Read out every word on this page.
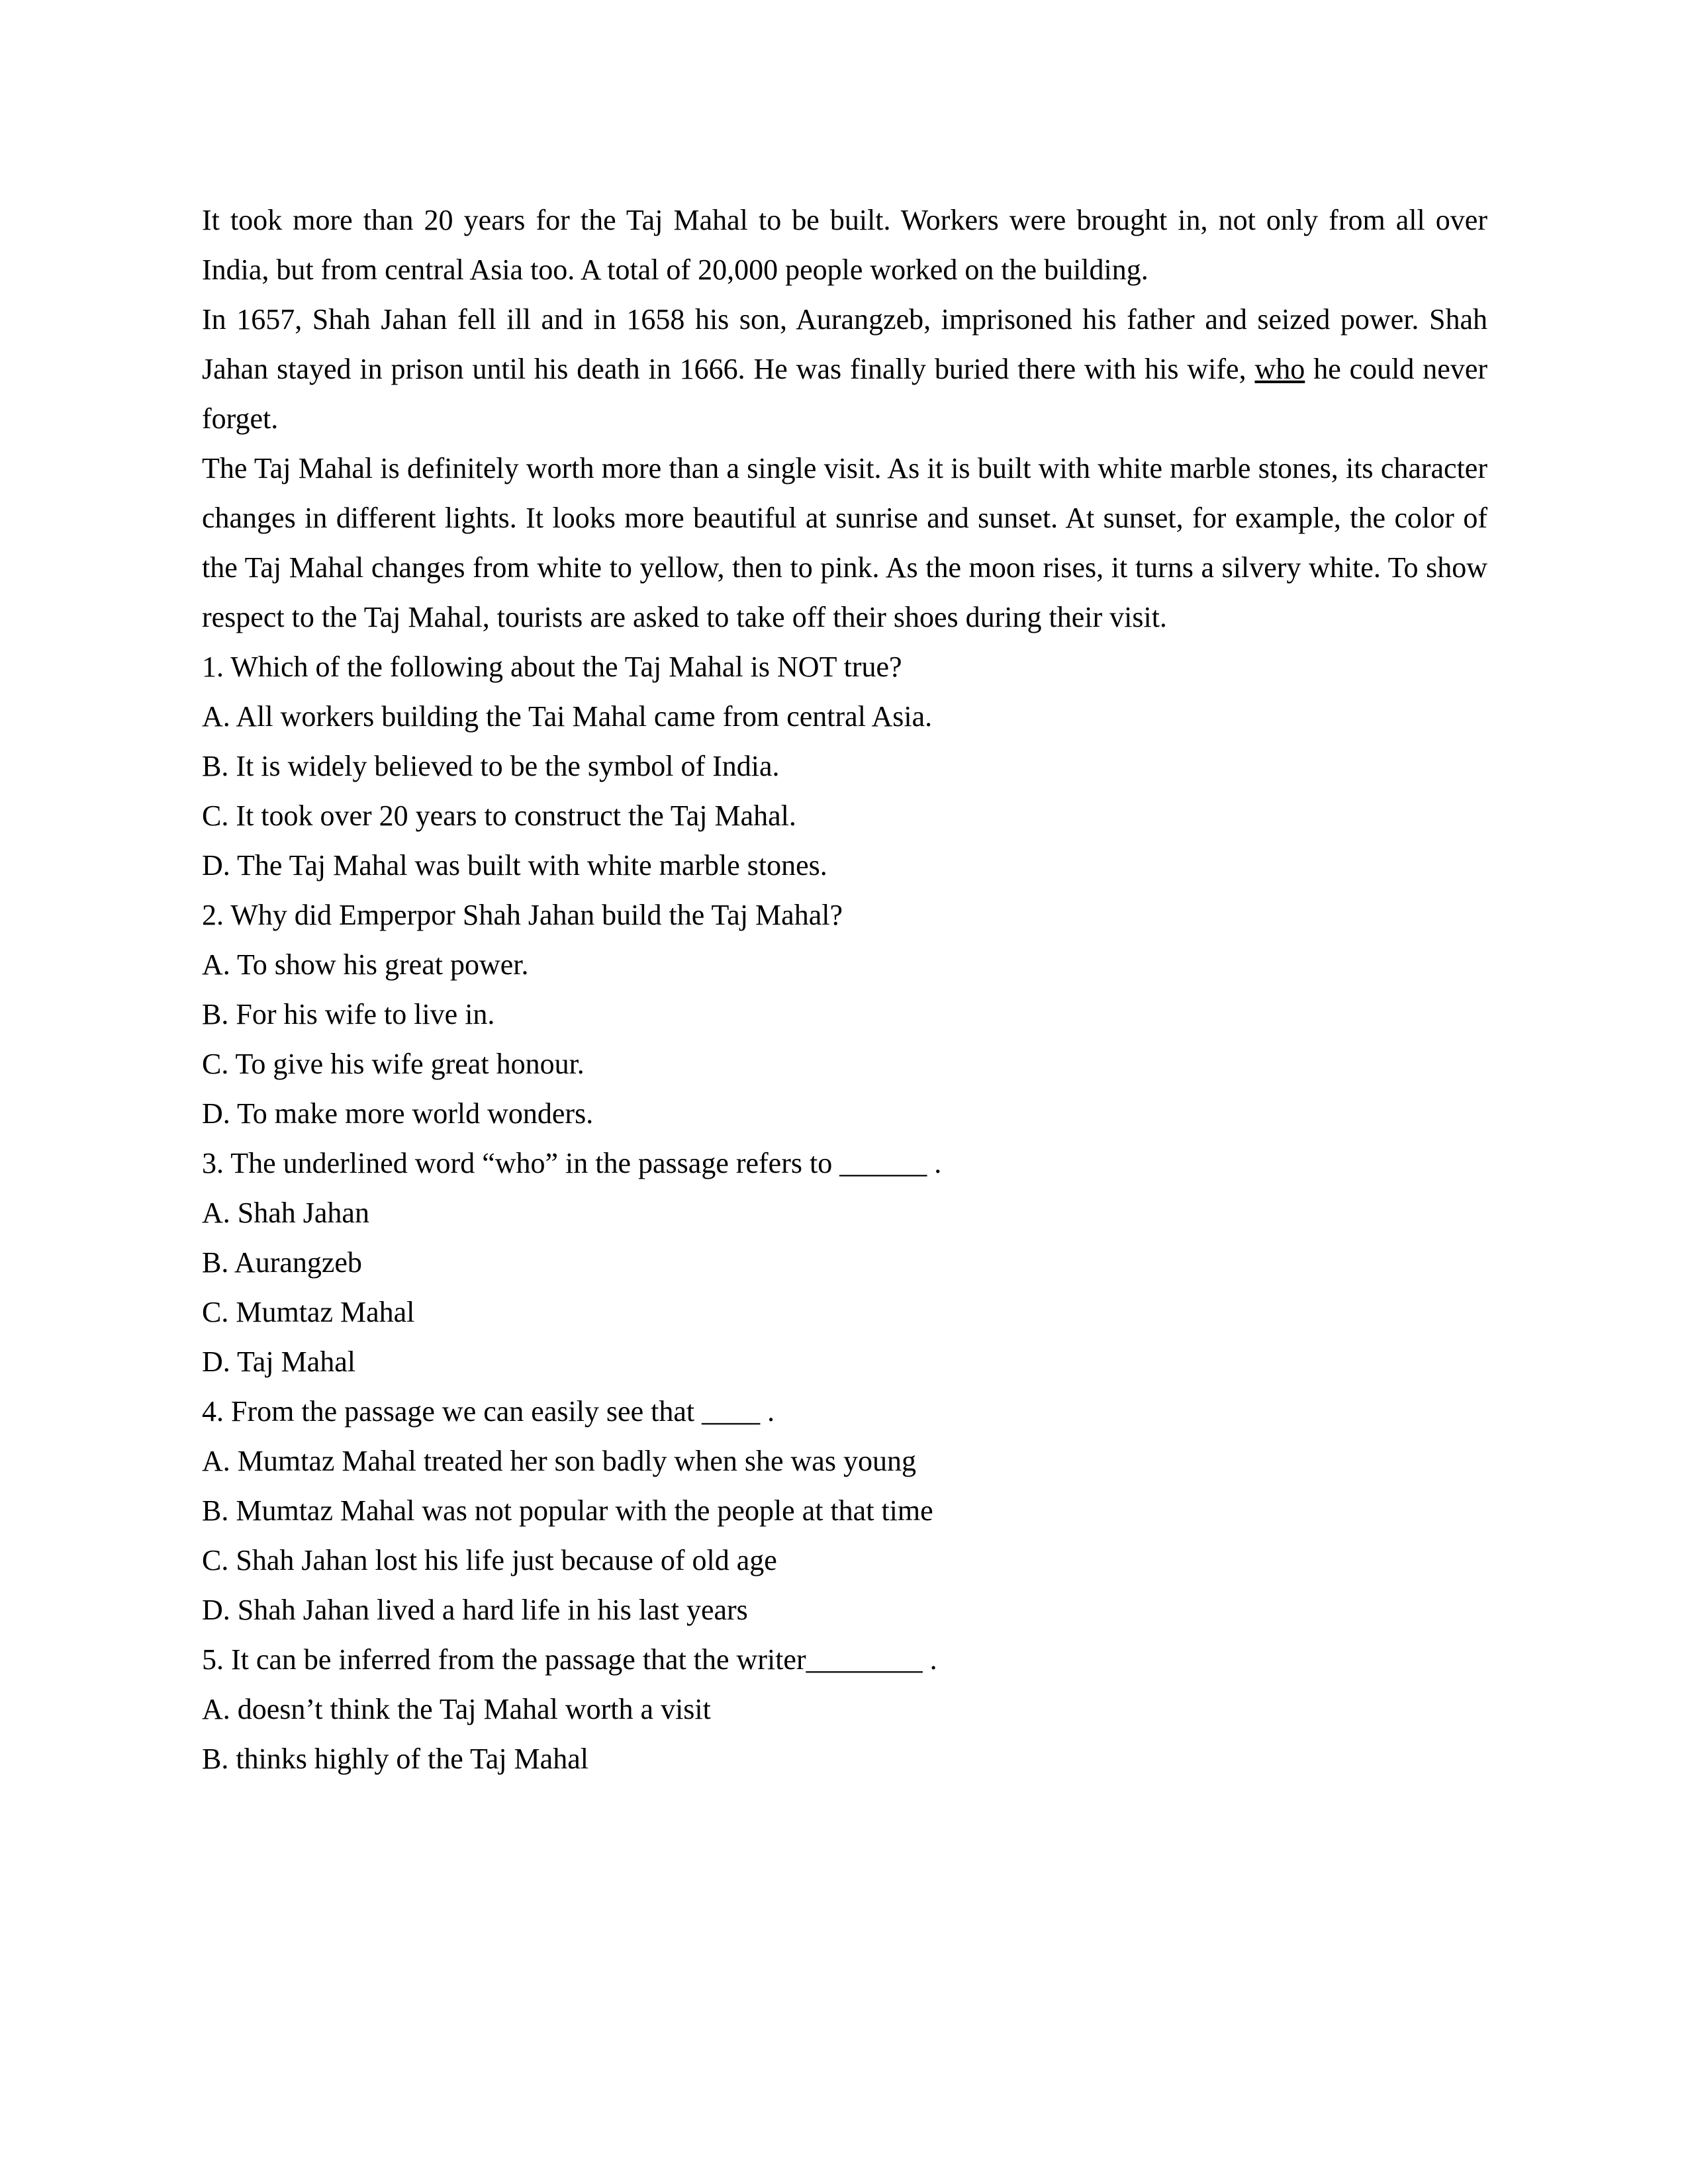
It took more than 20 years for the Taj Mahal to be built. Workers were brought in, not only from all over India, but from central Asia too. A total of 20,000 people worked on the building.

In 1657, Shah Jahan fell ill and in 1658 his son, Aurangzeb, imprisoned his father and seized power. Shah Jahan stayed in prison until his death in 1666. He was finally buried there with his wife, who he could never forget.

The Taj Mahal is definitely worth more than a single visit. As it is built with white marble stones, its character changes in different lights. It looks more beautiful at sunrise and sunset. At sunset, for example, the color of the Taj Mahal changes from white to yellow, then to pink. As the moon rises, it turns a silvery white. To show respect to the Taj Mahal, tourists are asked to take off their shoes during their visit.

1. Which of the following about the Taj Mahal is NOT true?

A. All workers building the Tai Mahal came from central Asia.

B. It is widely believed to be the symbol of India.

C. It took over 20 years to construct the Taj Mahal.

D. The Taj Mahal was built with white marble stones.

2. Why did Emperpor Shah Jahan build the Taj Mahal?

A. To show his great power.

B. For his wife to live in.

C. To give his wife great honour.

D. To make more world wonders.

3. The underlined word “who” in the passage refers to ______ .

A. Shah Jahan

B. Aurangzeb

C. Mumtaz Mahal

D. Taj Mahal

4. From the passage we can easily see that ____ .

A. Mumtaz Mahal treated her son badly when she was young

B. Mumtaz Mahal was not popular with the people at that time

C. Shah Jahan lost his life just because of old age

D. Shah Jahan lived a hard life in his last years

5. It can be inferred from the passage that the writer________ .

A. doesn’t think the Taj Mahal worth a visit

B. thinks highly of the Taj Mahal
